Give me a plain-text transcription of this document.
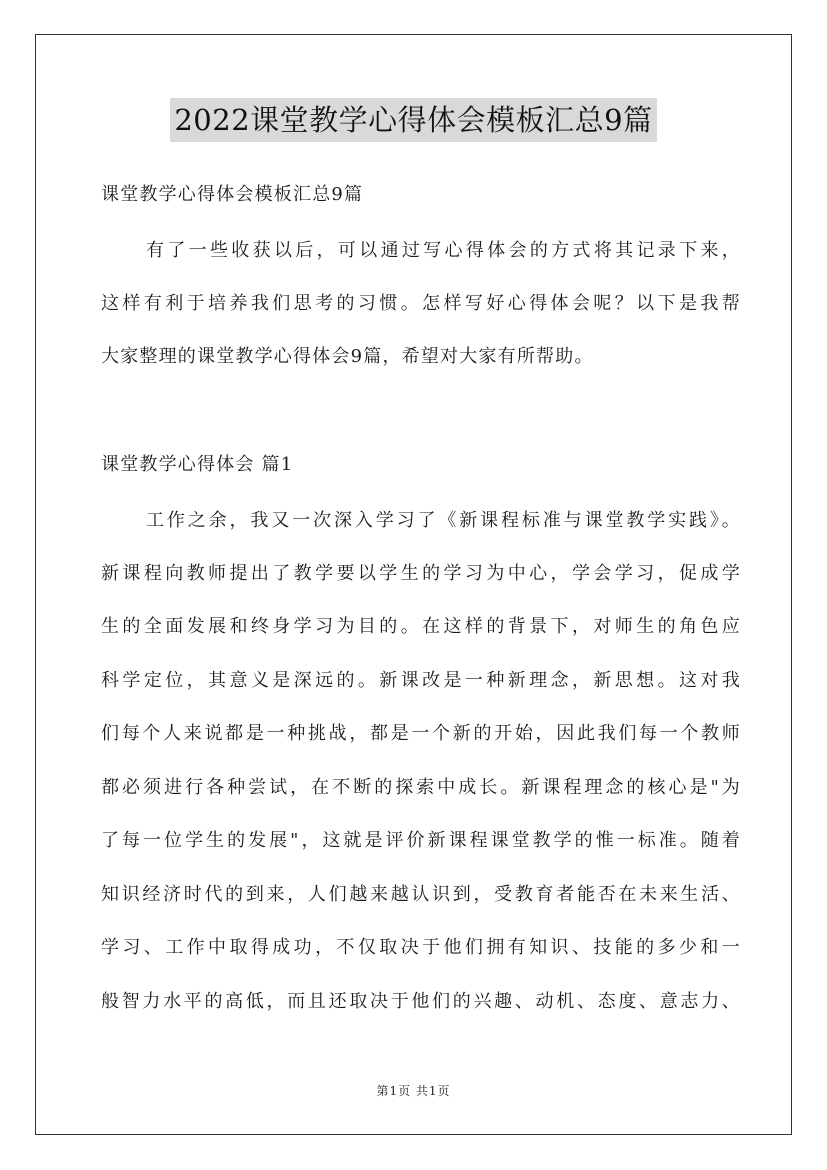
2022课堂教学心得体会模板汇总9篇
课堂教学心得体会模板汇总9篇
有了一些收获以后，可以通过写心得体会的方式将其记录下来，
这样有利于培养我们思考的习惯。怎样写好心得体会呢？以下是我帮
大家整理的课堂教学心得体会9篇，希望对大家有所帮助。
课堂教学心得体会 篇1
工作之余，我又一次深入学习了《新课程标准与课堂教学实践》。
新课程向教师提出了教学要以学生的学习为中心，学会学习，促成学
生的全面发展和终身学习为目的。在这样的背景下，对师生的角色应
科学定位，其意义是深远的。新课改是一种新理念，新思想。这对我
们每个人来说都是一种挑战，都是一个新的开始，因此我们每一个教师
都必须进行各种尝试，在不断的探索中成长。新课程理念的核心是"为
了每一位学生的发展"，这就是评价新课程课堂教学的惟一标准。随着
知识经济时代的到来，人们越来越认识到，受教育者能否在未来生活、
学习、工作中取得成功，不仅取决于他们拥有知识、技能的多少和一
般智力水平的高低，而且还取决于他们的兴趣、动机、态度、意志力、
第1页 共1页
